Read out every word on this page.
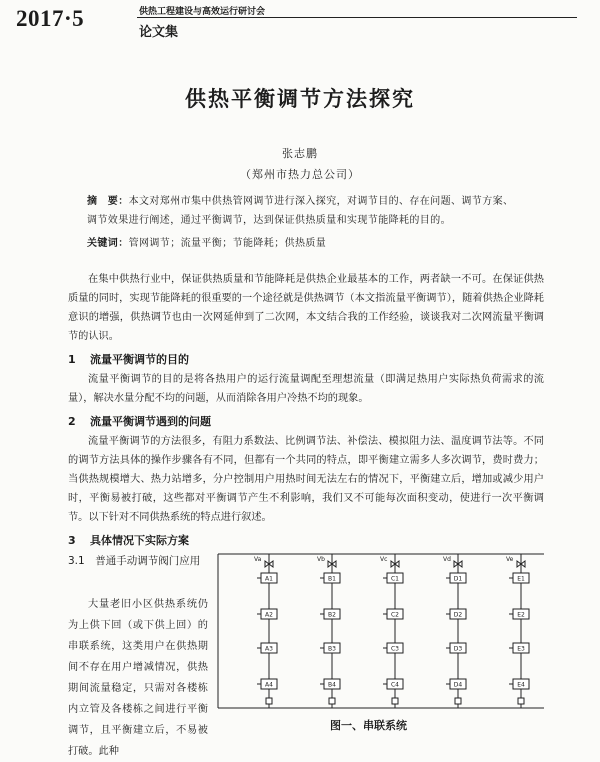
2017·5	供热工程建设与高效运行研讨会
论文集
供热平衡调节方法探究
张志鹏
（郑州市热力总公司）
摘　要：本文对郑州市集中供热管网调节进行深入探究，对调节目的、存在问题、调节方案、调节效果进行阐述，通过平衡调节，达到保证供热质量和实现节能降耗的目的。
关键词：管网调节；流量平衡；节能降耗；供热质量
在集中供热行业中，保证供热质量和节能降耗是供热企业最基本的工作，两者缺一不可。在保证供热质量的同时，实现节能降耗的很重要的一个途径就是供热调节（本文指流量平衡调节），随着供热企业降耗意识的增强，供热调节也由一次网延伸到了二次网，本文结合我的工作经验，谈谈我对二次网流量平衡调节的认识。
1 流量平衡调节的目的
流量平衡调节的目的是将各热用户的运行流量调配至理想流量（即满足热用户实际热负荷需求的流量），解决水量分配不均的问题，从而消除各用户冷热不均的现象。
2 流量平衡调节遇到的问题
流量平衡调节的方法很多，有阻力系数法、比例调节法、补偿法、模拟阻力法、温度调节法等。不同的调节方法具体的操作步骤各有不同，但都有一个共同的特点，即平衡建立需多人多次调节，费时费力；当供热规模增大、热力站增多，分户控制用户用热时间无法左右的情况下，平衡建立后，增加或减少用户时，平衡易被打破，这些都对平衡调节产生不利影响，我们又不可能每次面积变动，使进行一次平衡调节。以下针对不同供热系统的特点进行叙述。
3 具体情况下实际方案
3.1　 普通手动调节阀门应用
大量老旧小区供热系统仍为上供下回（或下供上回）的串联系统，这类用户在供热期间不存在用户增减情况，供热期间流量稳定，只需对各楼栋内立管及各楼栋之间进行平衡调节，且平衡建立后，不易被打破。此种
Va
A1
A2
A3
A4
Vb
B1
B2
B3
B4
Vc
C1
C2
C3
C4
Vd
D1
D2
D3
D4
Ve
E1
E2
E3
E4
图一、串联系统
